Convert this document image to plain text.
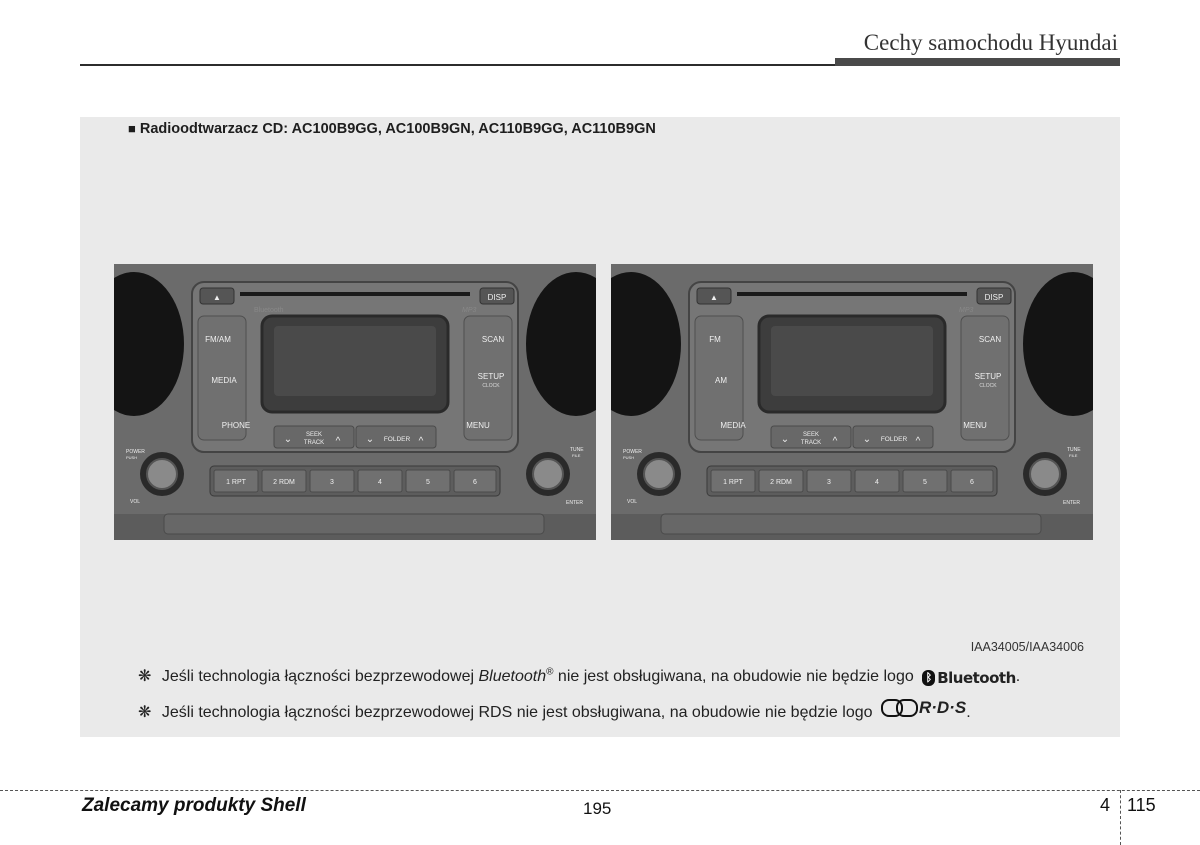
Cechy samochodu Hyundai
■ Radioodtwarzacz CD: AC100B9GG, AC100B9GN, AC110B9GG, AC110B9GN
▲	DISP
Bluetooth	MP3
FM/AM
MEDIA
PHONE
SCAN
SETUP
CLOCK
MENU
⌄ SEEK
TRACK ^	⌄ FOLDER ^
POWER
PUSH
VOL
TUNE
FILE
ENTER
1 RPT	2 RDM	3	4	5	6
▲	DISP
MP3
FM
AM
MEDIA
SCAN
SETUP
CLOCK
MENU
⌄ SEEK
TRACK ^	⌄ FOLDER ^
POWER
PUSH
VOL
TUNE
FILE
ENTER
1 RPT	2 RDM	3	4	5	6
IAA34005/IAA34006
❋ Jeśli technologia łączności bezprzewodowej Bluetooth® nie jest obsługiwana, na obudowie nie będzie logo	ᛒ Bluetooth .
❋ Jeśli technologia łączności bezprzewodowej RDS nie jest obsługiwana, na obudowie nie będzie logo	R·D·S .
Zalecamy produkty Shell	195	4 115
